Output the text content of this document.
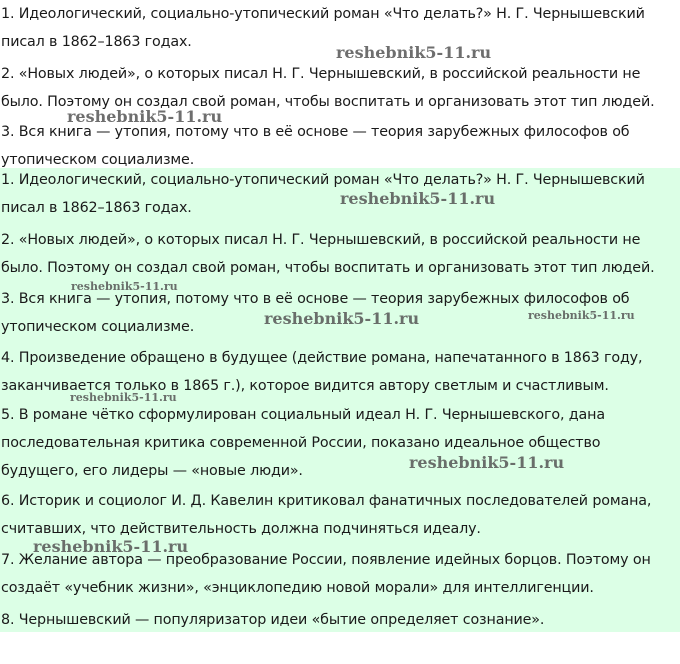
1. Идеологический, социально-утопический роман «Что делать?» Н. Г. Чернышевский писал в 1862–1863 годах.

2. «Новых людей», о которых писал Н. Г. Чернышевский, в российской реальности не было. Поэтому он создал свой роман, чтобы воспитать и организовать этот тип людей.

3. Вся книга — утопия, потому что в её основе — теория зарубежных философов об утопическом социализме.

1. Идеологический, социально-утопический роман «Что делать?» Н. Г. Чернышевский писал в 1862–1863 годах.

2. «Новых людей», о которых писал Н. Г. Чернышевский, в российской реальности не было. Поэтому он создал свой роман, чтобы воспитать и организовать этот тип людей.

3. Вся книга — утопия, потому что в её основе — теория зарубежных философов об утопическом социализме.

4. Произведение обращено в будущее (действие романа, напечатанного в 1863 году, заканчивается только в 1865 г.), которое видится автору светлым и счастливым.

5. В романе чётко сформулирован социальный идеал Н. Г. Чернышевского, дана последовательная критика современной России, показано идеальное общество будущего, его лидеры — «новые люди».

6. Историк и социолог И. Д. Кавелин критиковал фанатичных последователей романа, считавших, что действительность должна подчиняться идеалу.

7. Желание автора — преобразование России, появление идейных борцов. Поэтому он создаёт «учебник жизни», «энциклопедию новой морали» для интеллигенции.

8. Чернышевский — популяризатор идеи «бытие определяет сознание».

reshebnik5-11.ru
reshebnik5-11.ru
reshebnik5-11.ru
reshebnik5-11.ru
reshebnik5-11.ru
reshebnik5-11.ru
reshebnik5-11.ru
reshebnik5-11.ru
reshebnik5-11.ru
